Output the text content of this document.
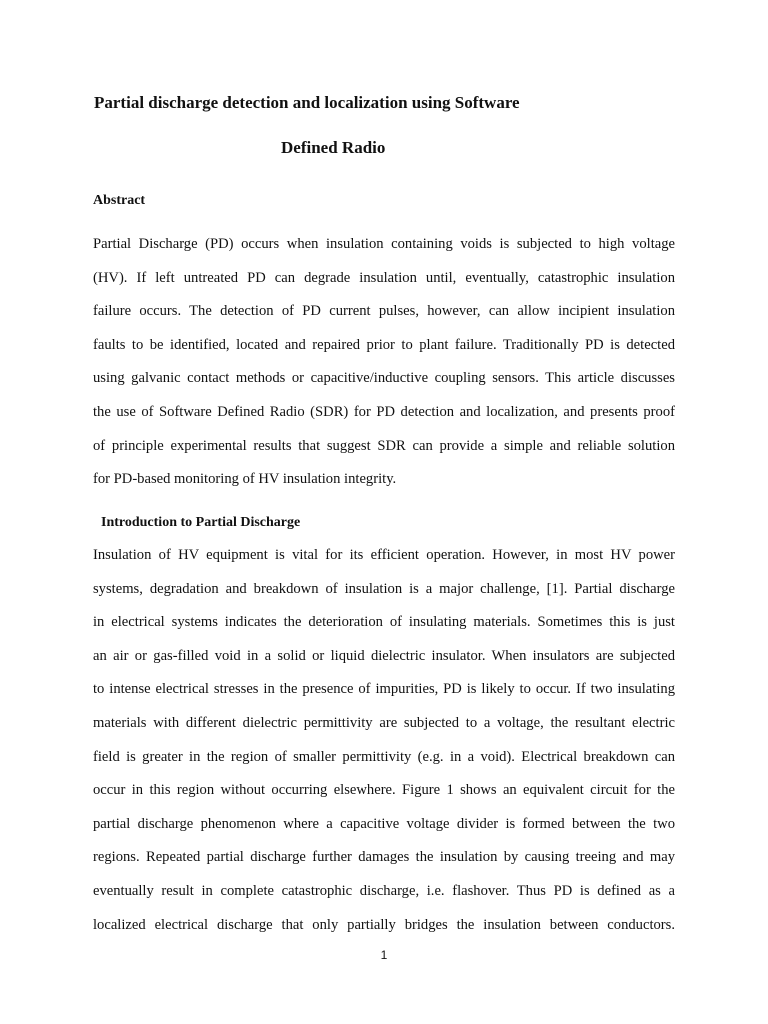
Partial discharge detection and localization using Software
Defined Radio
Abstract
Partial Discharge (PD) occurs when insulation containing voids is subjected to high voltage
(HV). If left untreated PD can degrade insulation until, eventually, catastrophic insulation
failure occurs. The detection of PD current pulses, however, can allow incipient insulation
faults to be identified, located and repaired prior to plant failure. Traditionally PD is detected
using galvanic contact methods or capacitive/inductive coupling sensors. This article discusses
the use of Software Defined Radio (SDR) for PD detection and localization, and presents proof
of principle experimental results that suggest SDR can provide a simple and reliable solution
for PD-based monitoring of HV insulation integrity.
Introduction to Partial Discharge
Insulation of HV equipment is vital for its efficient operation. However, in most HV power
systems, degradation and breakdown of insulation is a major challenge, [1]. Partial discharge
in electrical systems indicates the deterioration of insulating materials. Sometimes this is just
an air or gas-filled void in a solid or liquid dielectric insulator. When insulators are subjected
to intense electrical stresses in the presence of impurities, PD is likely to occur. If two insulating
materials with different dielectric permittivity are subjected to a voltage, the resultant electric
field is greater in the region of smaller permittivity (e.g. in a void). Electrical breakdown can
occur in this region without occurring elsewhere. Figure 1 shows an equivalent circuit for the
partial discharge phenomenon where a capacitive voltage divider is formed between the two
regions. Repeated partial discharge further damages the insulation by causing treeing and may
eventually result in complete catastrophic discharge, i.e. flashover. Thus PD is defined as a
localized electrical discharge that only partially bridges the insulation between conductors.
1
